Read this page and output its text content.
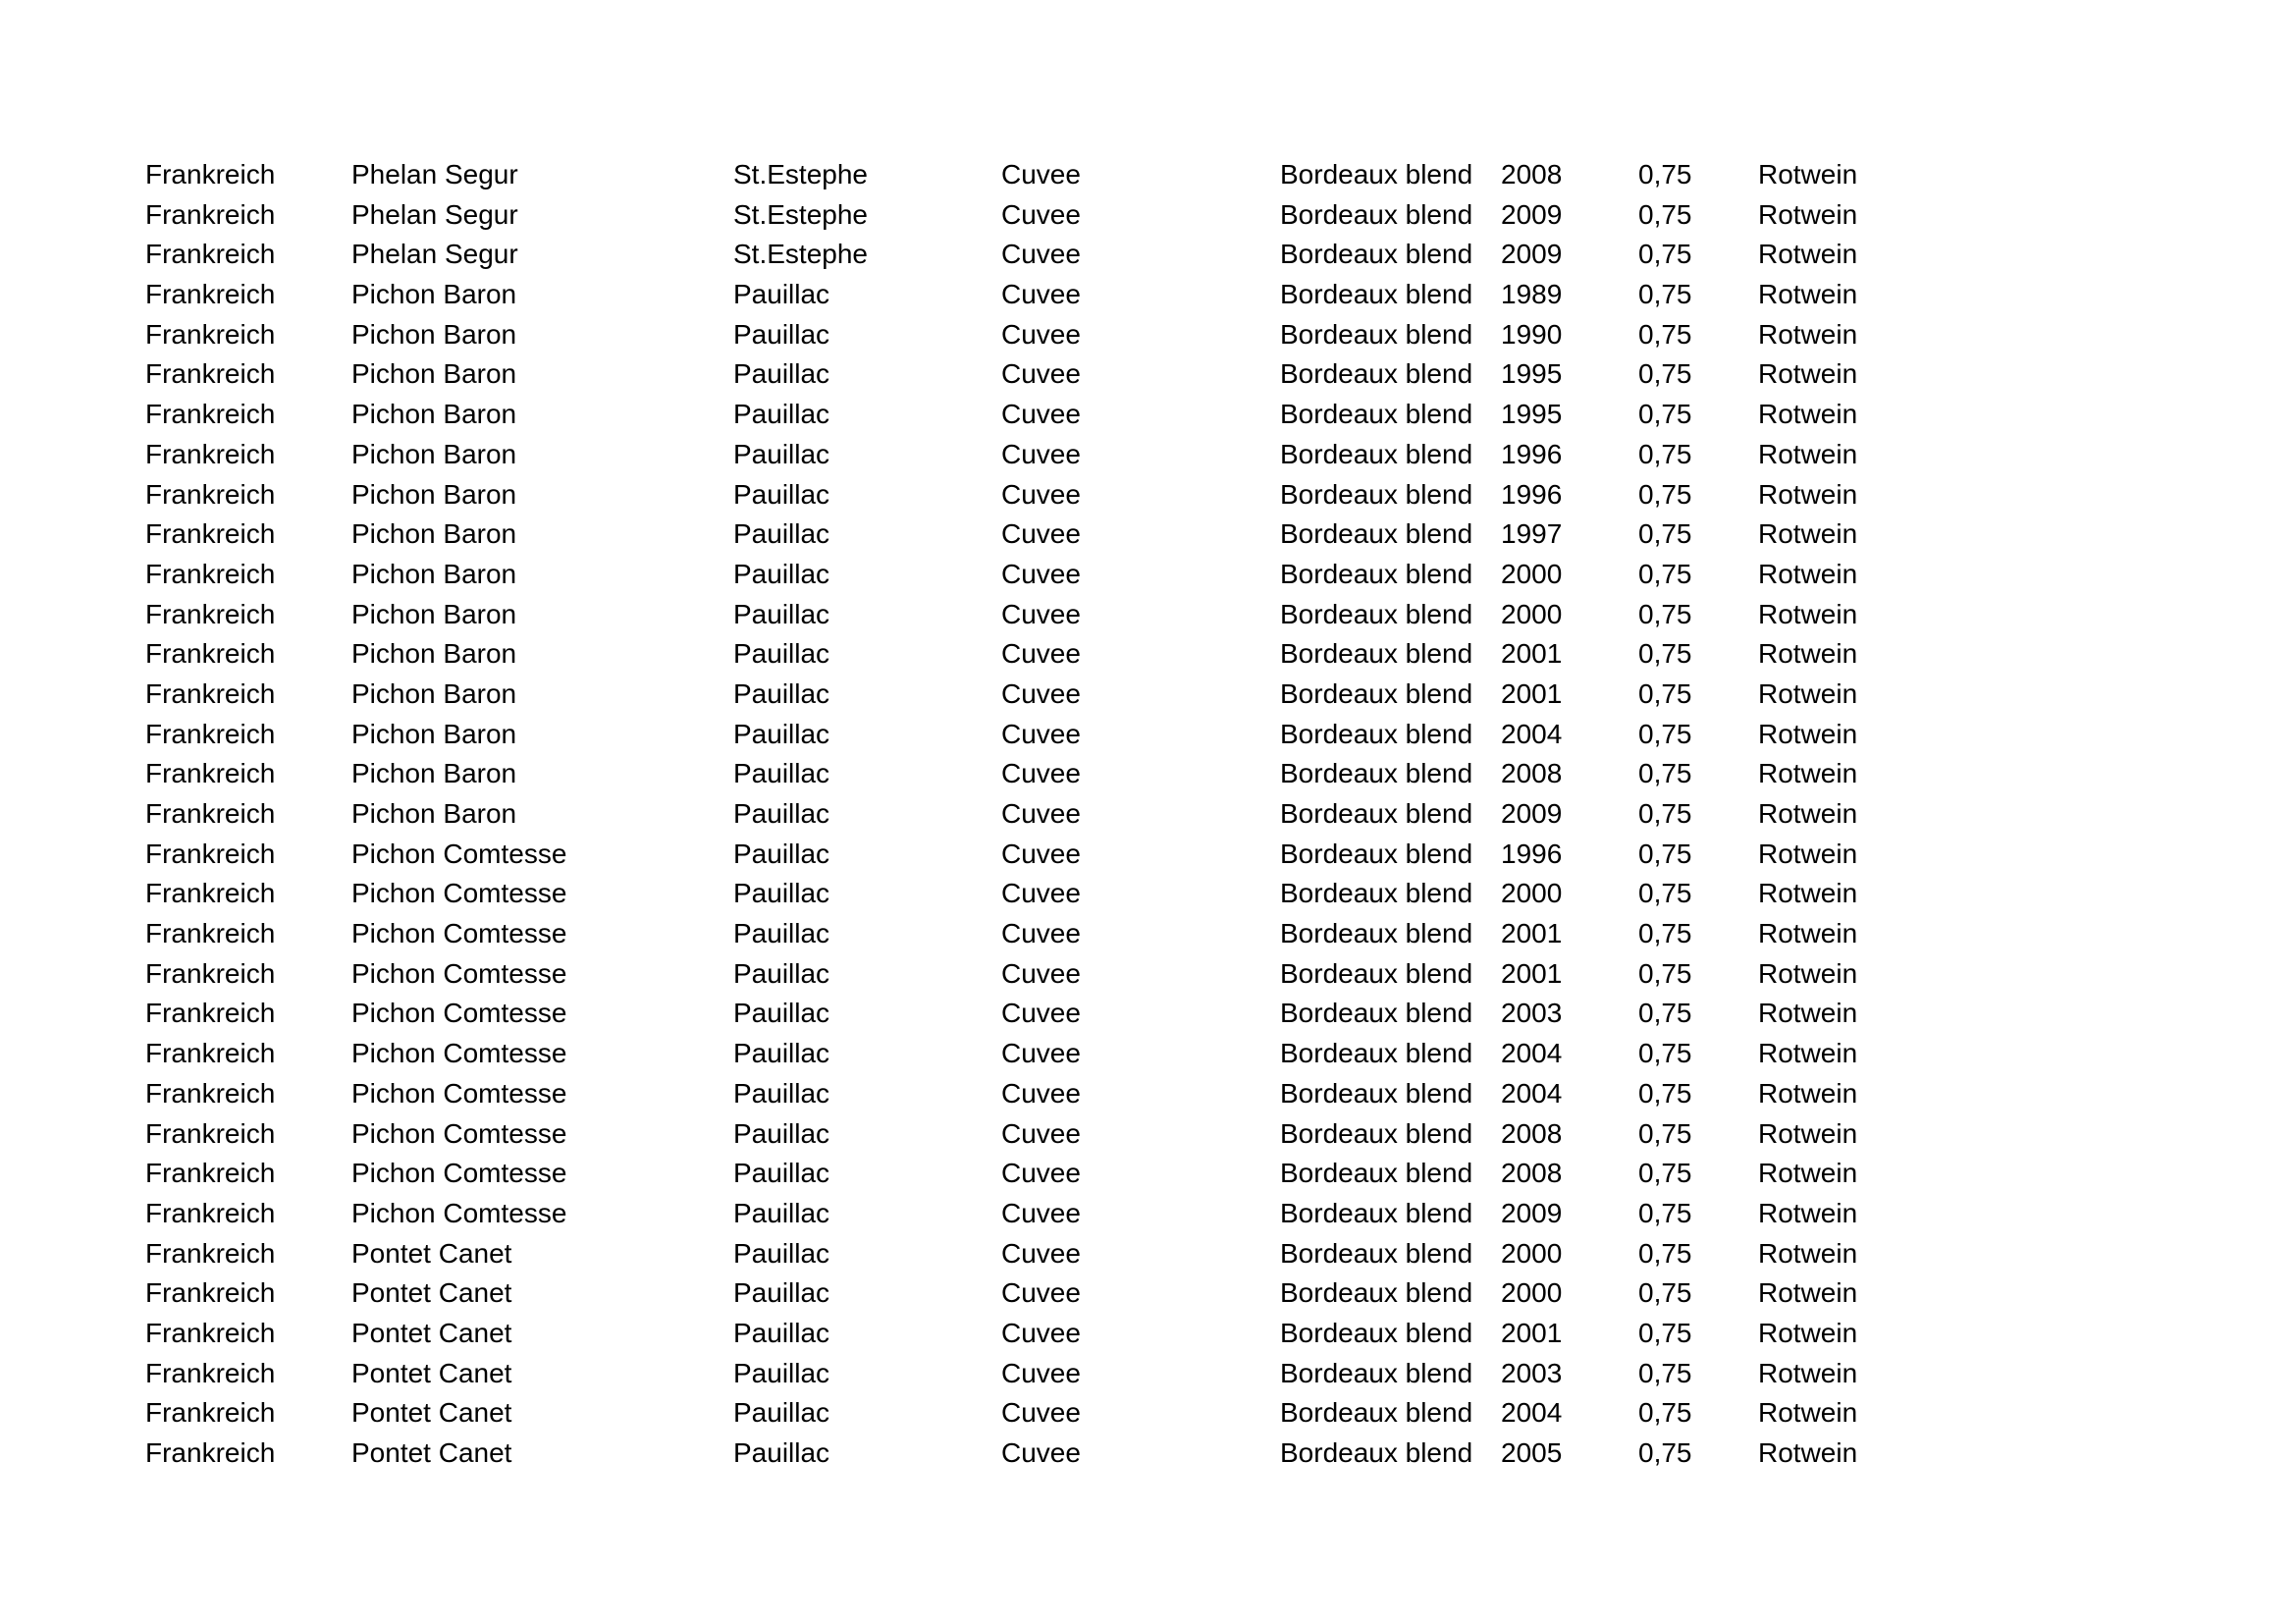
Frankreich	Phelan Segur	St.Estephe	Cuvee	Bordeaux blend 2008	0,75 Rotwein
Frankreich	Phelan Segur	St.Estephe	Cuvee	Bordeaux blend 2009	0,75 Rotwein
Frankreich	Phelan Segur	St.Estephe	Cuvee	Bordeaux blend 2009	0,75 Rotwein
Frankreich	Pichon Baron	Pauillac	Cuvee	Bordeaux blend 1989	0,75 Rotwein
Frankreich	Pichon Baron	Pauillac	Cuvee	Bordeaux blend 1990	0,75 Rotwein
Frankreich	Pichon Baron	Pauillac	Cuvee	Bordeaux blend 1995	0,75 Rotwein
Frankreich	Pichon Baron	Pauillac	Cuvee	Bordeaux blend 1995	0,75 Rotwein
Frankreich	Pichon Baron	Pauillac	Cuvee	Bordeaux blend 1996	0,75 Rotwein
Frankreich	Pichon Baron	Pauillac	Cuvee	Bordeaux blend 1996	0,75 Rotwein
Frankreich	Pichon Baron	Pauillac	Cuvee	Bordeaux blend 1997	0,75 Rotwein
Frankreich	Pichon Baron	Pauillac	Cuvee	Bordeaux blend 2000	0,75 Rotwein
Frankreich	Pichon Baron	Pauillac	Cuvee	Bordeaux blend 2000	0,75 Rotwein
Frankreich	Pichon Baron	Pauillac	Cuvee	Bordeaux blend 2001	0,75 Rotwein
Frankreich	Pichon Baron	Pauillac	Cuvee	Bordeaux blend 2001	0,75 Rotwein
Frankreich	Pichon Baron	Pauillac	Cuvee	Bordeaux blend 2004	0,75 Rotwein
Frankreich	Pichon Baron	Pauillac	Cuvee	Bordeaux blend 2008	0,75 Rotwein
Frankreich	Pichon Baron	Pauillac	Cuvee	Bordeaux blend 2009	0,75 Rotwein
Frankreich	Pichon Comtesse	Pauillac	Cuvee	Bordeaux blend 1996	0,75 Rotwein
Frankreich	Pichon Comtesse	Pauillac	Cuvee	Bordeaux blend 2000	0,75 Rotwein
Frankreich	Pichon Comtesse	Pauillac	Cuvee	Bordeaux blend 2001	0,75 Rotwein
Frankreich	Pichon Comtesse	Pauillac	Cuvee	Bordeaux blend 2001	0,75 Rotwein
Frankreich	Pichon Comtesse	Pauillac	Cuvee	Bordeaux blend 2003	0,75 Rotwein
Frankreich	Pichon Comtesse	Pauillac	Cuvee	Bordeaux blend 2004	0,75 Rotwein
Frankreich	Pichon Comtesse	Pauillac	Cuvee	Bordeaux blend 2004	0,75 Rotwein
Frankreich	Pichon Comtesse	Pauillac	Cuvee	Bordeaux blend 2008	0,75 Rotwein
Frankreich	Pichon Comtesse	Pauillac	Cuvee	Bordeaux blend 2008	0,75 Rotwein
Frankreich	Pichon Comtesse	Pauillac	Cuvee	Bordeaux blend 2009	0,75 Rotwein
Frankreich	Pontet Canet	Pauillac	Cuvee	Bordeaux blend 2000	0,75 Rotwein
Frankreich	Pontet Canet	Pauillac	Cuvee	Bordeaux blend 2000	0,75 Rotwein
Frankreich	Pontet Canet	Pauillac	Cuvee	Bordeaux blend 2001	0,75 Rotwein
Frankreich	Pontet Canet	Pauillac	Cuvee	Bordeaux blend 2003	0,75 Rotwein
Frankreich	Pontet Canet	Pauillac	Cuvee	Bordeaux blend 2004	0,75 Rotwein
Frankreich	Pontet Canet	Pauillac	Cuvee	Bordeaux blend 2005	0,75 Rotwein
